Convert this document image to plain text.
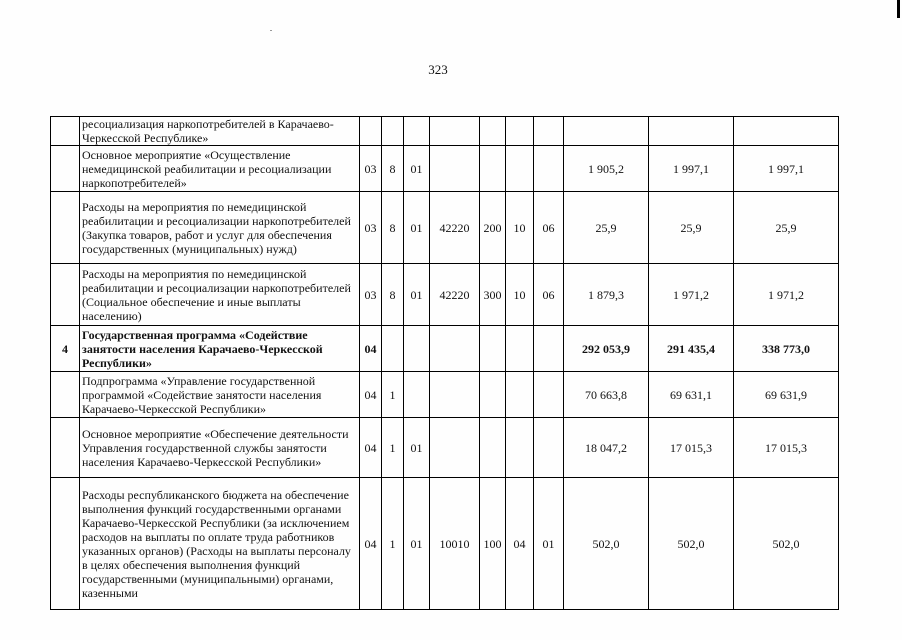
323
	ресоциализация наркопотребителей в Карачаево-Черкесской Республике»										
	Основное мероприятие «Осуществление немедицинской реабилитации и ресоциализации наркопотребителей»	03	8	01					1 905,2	1 997,1	1 997,1
	Расходы на мероприятия по немедицинской реабилитации и ресоциализации наркопотребителей (Закупка товаров, работ и услуг для обеспечения государственных (муниципальных) нужд)	03	8	01	42220	200	10	06	25,9	25,9	25,9
	Расходы на мероприятия по немедицинской реабилитации и ресоциализации наркопотребителей (Социальное обеспечение и иные выплаты населению)	03	8	01	42220	300	10	06	1 879,3	1 971,2	1 971,2
4	Государственная программа «Содействие занятости населения Карачаево-Черкесской Республики»	04							292 053,9	291 435,4	338 773,0
	Подпрограмма «Управление государственной программой «Содействие занятости населения Карачаево-Черкесской Республики»	04	1						70 663,8	69 631,1	69 631,9
	Основное мероприятие «Обеспечение деятельности Управления государственной службы занятости населения Карачаево-Черкесской Республики»	04	1	01					18 047,2	17 015,3	17 015,3
	Расходы республиканского бюджета на обеспечение выполнения функций государственными органами Карачаево-Черкесской Республики (за исключением расходов на выплаты по оплате труда работников указанных органов) (Расходы на выплаты персоналу в целях обеспечения выполнения функций государственными (муниципальными) органами, казенными	04	1	01	10010	100	04	01	502,0	502,0	502,0
